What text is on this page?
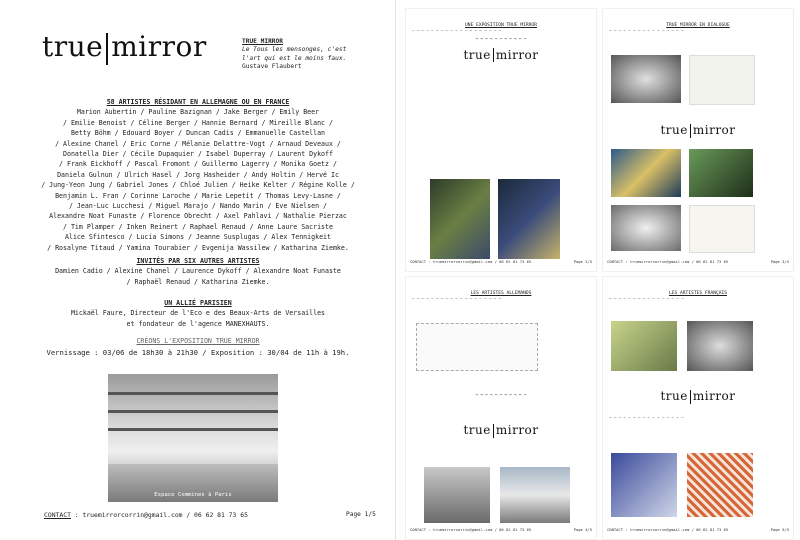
true mirror	TRUE MIRROR
Le Tous les mensonges, c'est
l'art qui est le moins faux.
Gustave Flaubert
58 ARTISTES RÉSIDANT EN ALLEMAGNE OU EN FRANCE
Marion Aubertin / Pauline Bazignan / Jake Berger / Emily Beer
/ Emilie Benoist / Céline Berger / Hannie Bernard / Mireille Blanc /
Betty Böhm / Edouard Boyer / Duncan Cadis / Emmanuelle Castellan
/ Alexine Chanel / Eric Corne / Mélanie Delattre-Vogt / Arnaud Deveaux /
Donatella Dier / Cécile Dupaquier / Isabel Duperray / Laurent Dykoff
/ Frank Eickhoff / Pascal Fromont / Guillermo Lagerry / Monika Goetz /
Daniela Gulnun / Ulrich Hasel / Jorg Hasheider / Andy Holtin / Hervé Ic
/ Jung-Yeon Jung / Gabriel Jones / Chloé Julien / Heike Kelter / Régine Kolle /
Benjamin L. Fran / Corinne Laroche / Marie Lepetit / Thomas Levy-Lasne /
/ Jean-Luc Lucchesi / Miguel Marajo / Nando Marin / Eve Nielsen /
Alexandre Noat Funaste / Florence Obrecht / Axel Pahlavi / Nathalie Pierzac
/ Tim Plamper / Inken Reinert / Raphael Renaud / Anne Laure Sacriste
Alice Sfintesco / Lucia Simons / Jeanne Susplugas / Alex Tennigkeit
/ Rosalyne Titaud / Yamina Tourabier / Evgenija Wassilew / Katharina Ziemke.
INVITÉS PAR SIX AUTRES ARTISTES
Damien Cadio / Alexine Chanel / Laurence Dykoff / Alexandre Noat Funaste
/ Raphaël Renaud / Katharina Ziemke.
UN ALLIÉ PARISIEN
Mickaël Faure, Directeur de l'Eco e des Beaux-Arts de Versailles
et fondateur de l'agence MANEXHAUTS.
CRÉONS L'EXPOSITION TRUE MIRROR
Vernissage : 03/06 de 18h30 à 21h30 / Exposition : 30/04 de 11h à 19h.
Espace Commines à Paris
CONTACT : truemirrorcorrin@gmail.com / 06 62 81 73 65	Page 1/5
UNE EXPOSITION TRUE MIRROR
— — — — — — — — — — — — — — — — — — —
— — — — — — — — — — —
true mirror
CONTACT : truemirrorcorrin@gmail.com / 06 62 81 73 65	Page 2/5
TRUE MIRROR EN DIALOGUE
— — — — — — — — — — — — — — — —
true mirror
CONTACT : truemirrorcorrin@gmail.com / 06 62 81 73 65	Page 3/5
LES ARTISTES ALLEMANDS
— — — — — — — — — — — — — — — — — — —
— — — — — — — — — — —
true mirror
CONTACT : truemirrorcorrin@gmail.com / 06 62 81 73 65	Page 4/5
LES ARTISTES FRANÇAIS
— — — — — — — — — — — — — — — —
true mirror
— — — — — — — — — — — — — — — —
CONTACT : truemirrorcorrin@gmail.com / 06 62 81 73 65	Page 5/5
